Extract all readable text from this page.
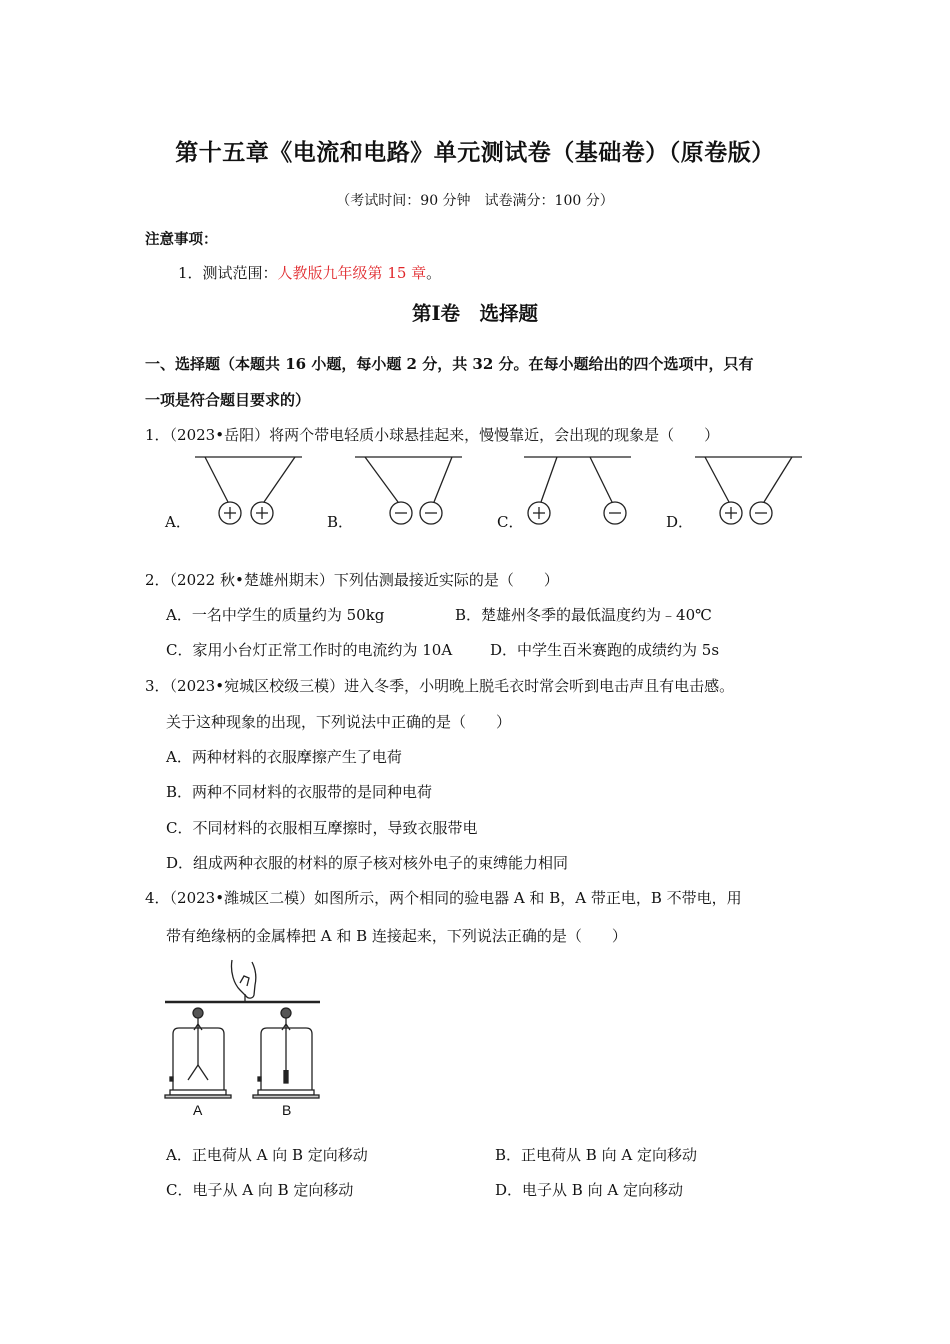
第十五章《电流和电路》单元测试卷（基础卷）（原卷版）
（考试时间：90 分钟　试卷满分：100 分）
注意事项：
1．测试范围：人教版九年级第 15 章。
第Ⅰ卷　选择题
一、选择题（本题共 16 小题，每小题 2 分，共 32 分。在每小题给出的四个选项中，只有
一项是符合题目要求的）
1．（2023•岳阳）将两个带电轻质小球悬挂起来，慢慢靠近，会出现的现象是（　　）
A．	B．	C．	D．
2．（2022 秋•楚雄州期末）下列估测最接近实际的是（　　）
A．一名中学生的质量约为 50kg	B．楚雄州冬季的最低温度约为﹣40℃
C．家用小台灯正常工作时的电流约为 10A	D．中学生百米赛跑的成绩约为 5s
3．（2023•宛城区校级三模）进入冬季，小明晚上脱毛衣时常会听到电击声且有电击感。
关于这种现象的出现，下列说法中正确的是（　　）
A．两种材料的衣服摩擦产生了电荷
B．两种不同材料的衣服带的是同种电荷
C．不同材料的衣服相互摩擦时，导致衣服带电
D．组成两种衣服的材料的原子核对核外电子的束缚能力相同
4．（2023•潍城区二模）如图所示，两个相同的验电器 A 和 B，A 带正电，B 不带电，用
带有绝缘柄的金属棒把 A 和 B 连接起来，下列说法正确的是（　　）
A	B
A．正电荷从 A 向 B 定向移动	B．正电荷从 B 向 A 定向移动
C．电子从 A 向 B 定向移动	D．电子从 B 向 A 定向移动
